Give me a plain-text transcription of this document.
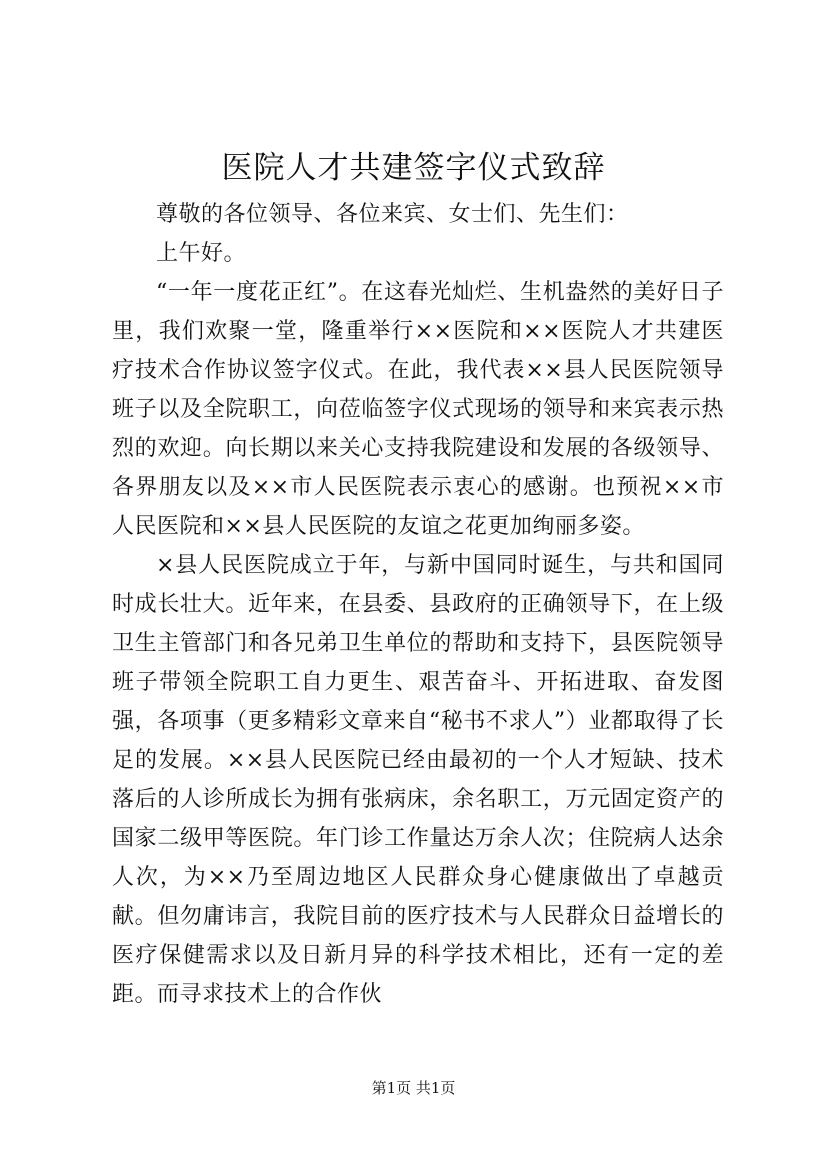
医院人才共建签字仪式致辞

尊敬的各位领导、各位来宾、女士们、先生们：

上午好。

“一年一度花正红”。在这春光灿烂、生机盎然的美好日子里，我们欢聚一堂，隆重举行××医院和××医院人才共建医疗技术合作协议签字仪式。在此，我代表××县人民医院领导班子以及全院职工，向莅临签字仪式现场的领导和来宾表示热烈的欢迎。向长期以来关心支持我院建设和发展的各级领导、各界朋友以及××市人民医院表示衷心的感谢。也预祝××市人民医院和××县人民医院的友谊之花更加绚丽多姿。

×县人民医院成立于年，与新中国同时诞生，与共和国同时成长壮大。近年来，在县委、县政府的正确领导下，在上级卫生主管部门和各兄弟卫生单位的帮助和支持下，县医院领导班子带领全院职工自力更生、艰苦奋斗、开拓进取、奋发图强，各项事（更多精彩文章来自“秘书不求人”）业都取得了长足的发展。××县人民医院已经由最初的一个人才短缺、技术落后的人诊所成长为拥有张病床，余名职工，万元固定资产的国家二级甲等医院。年门诊工作量达万余人次；住院病人达余人次，为××乃至周边地区人民群众身心健康做出了卓越贡献。但勿庸讳言，我院目前的医疗技术与人民群众日益增长的医疗保健需求以及日新月异的科学技术相比，还有一定的差距。而寻求技术上的合作伙

第1页 共1页
